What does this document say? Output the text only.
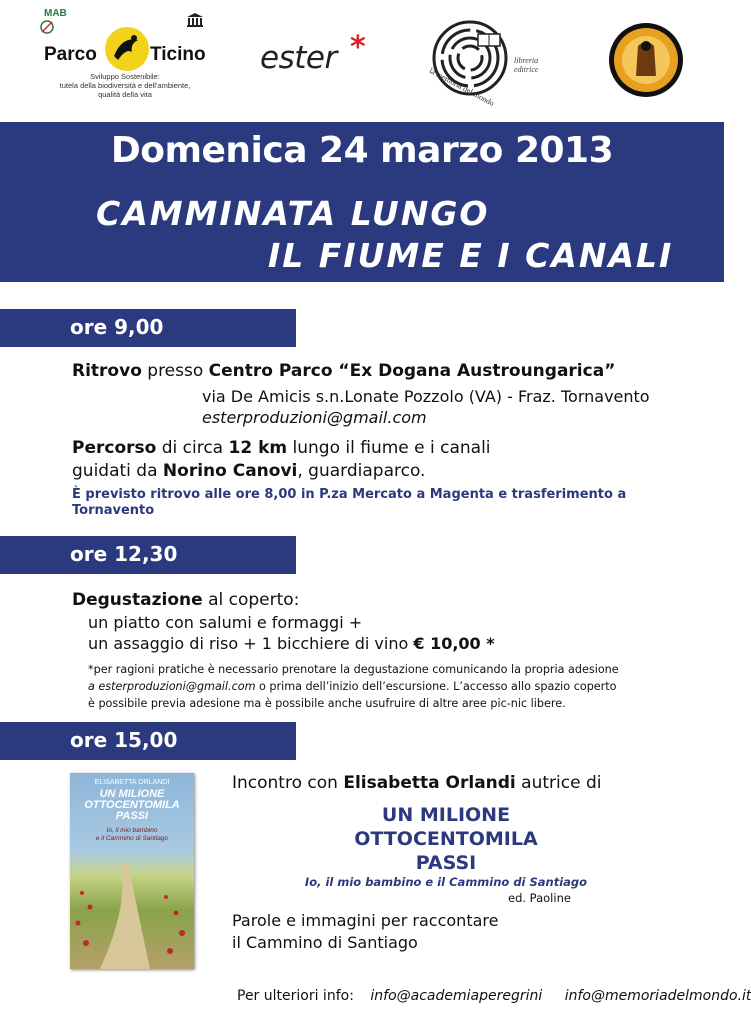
MAB
Parco	Ticino
Sviluppo Sostenibile:
tutela della biodiversità e dell'ambiente,
qualità della vita
ester *	libreria
editrice
la memoria del mondo
Domenica 24 marzo 2013
CAMMINATA LUNGO
IL FIUME E I CANALI
ore 9,00
Ritrovo presso Centro Parco “Ex Dogana Austroungarica”
via De Amicis s.n.Lonate Pozzolo (VA) - Fraz. Tornavento
esterproduzioni@gmail.com
Percorso di circa 12 km lungo il fiume e i canali
guidati da Norino Canovi, guardiaparco.
È previsto ritrovo alle ore 8,00 in P.za Mercato a Magenta e trasferimento a
Tornavento
ore 12,30
Degustazione al coperto:
un piatto con salumi e formaggi +
un assaggio di riso + 1 bicchiere di vino € 10,00 *
*per ragioni pratiche è necessario prenotare la degustazione comunicando la propria adesione
a esterproduzioni@gmail.com o prima dell’inizio dell’escursione. L’accesso allo spazio coperto
è possibile previa adesione ma è possibile anche usufruire di altre aree pic-nic libere.
ore 15,00
ELISABETTA ORLANDI
UN MILIONE
OTTOCENTOMILA
PASSI
Io, il mio bambino
e il Cammino di Santiago
Incontro con Elisabetta Orlandi autrice di
UN MILIONE
OTTOCENTOMILA
PASSI
Io, il mio bambino e il Cammino di Santiago
ed. Paoline
Parole e immagini per raccontare
il Cammino di Santiago
Per ulteriori info: info@academiaperegrini info@memoriadelmondo.it
